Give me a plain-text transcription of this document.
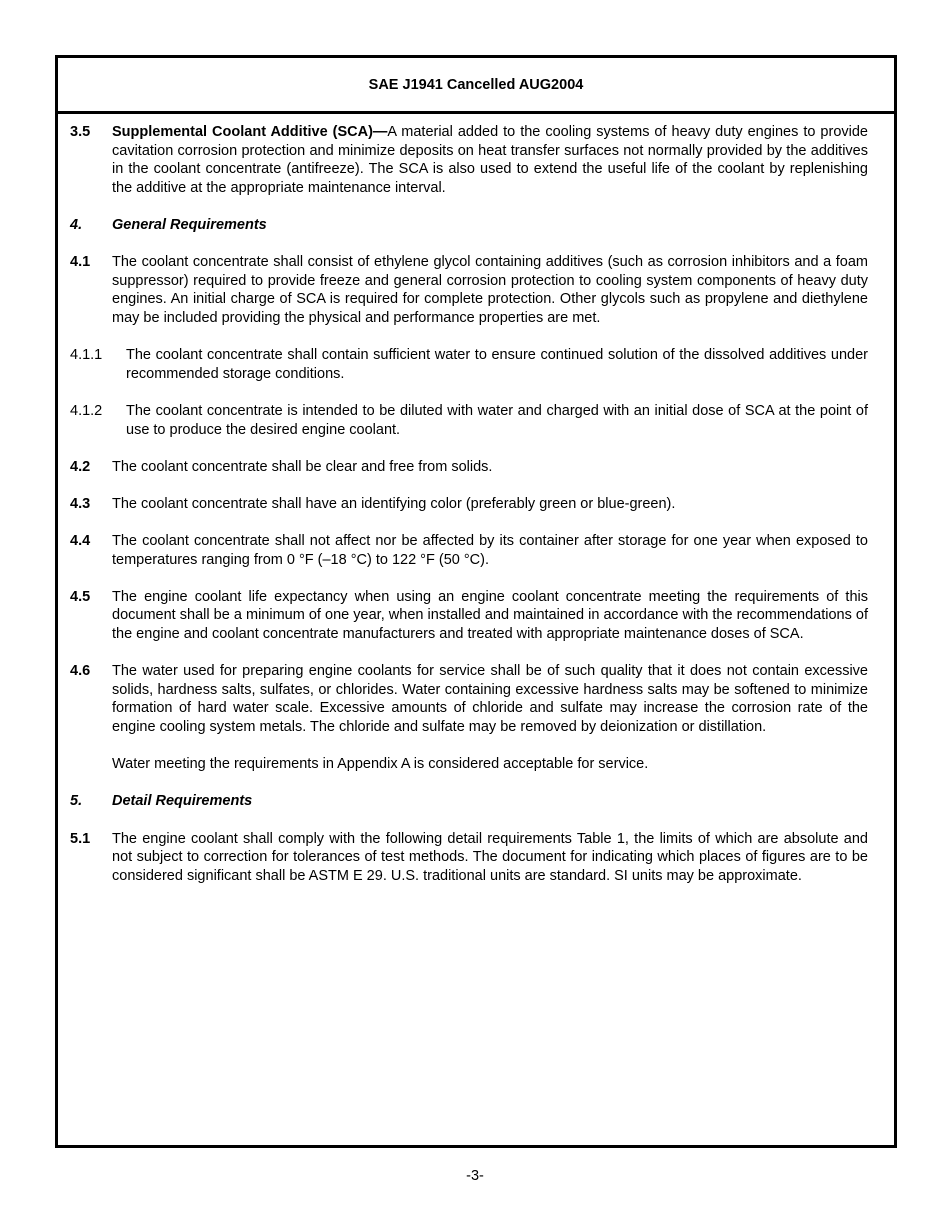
SAE J1941 Cancelled AUG2004
3.5	Supplemental Coolant Additive (SCA)—A material added to the cooling systems of heavy duty engines to provide cavitation corrosion protection and minimize deposits on heat transfer surfaces not normally provided by the additives in the coolant concentrate (antifreeze). The SCA is also used to extend the useful life of the coolant by replenishing the additive at the appropriate maintenance interval.
4.	General Requirements
4.1	The coolant concentrate shall consist of ethylene glycol containing additives (such as corrosion inhibitors and a foam suppressor) required to provide freeze and general corrosion protection to cooling system components of heavy duty engines. An initial charge of SCA is required for complete protection. Other glycols such as propylene and diethylene may be included providing the physical and performance properties are met.
4.1.1	The coolant concentrate shall contain sufficient water to ensure continued solution of the dissolved additives under recommended storage conditions.
4.1.2	The coolant concentrate is intended to be diluted with water and charged with an initial dose of SCA at the point of use to produce the desired engine coolant.
4.2	The coolant concentrate shall be clear and free from solids.
4.3	The coolant concentrate shall have an identifying color (preferably green or blue-green).
4.4	The coolant concentrate shall not affect nor be affected by its container after storage for one year when exposed to temperatures ranging from 0 °F (–18 °C) to 122 °F (50 °C).
4.5	The engine coolant life expectancy when using an engine coolant concentrate meeting the requirements of this document shall be a minimum of one year, when installed and maintained in accordance with the recommendations of the engine and coolant concentrate manufacturers and treated with appropriate maintenance doses of SCA.
4.6	The water used for preparing engine coolants for service shall be of such quality that it does not contain excessive solids, hardness salts, sulfates, or chlorides. Water containing excessive hardness salts may be softened to minimize formation of hard water scale. Excessive amounts of chloride and sulfate may increase the corrosion rate of the engine cooling system metals. The chloride and sulfate may be removed by deionization or distillation.
Water meeting the requirements in Appendix A is considered acceptable for service.
5.	Detail Requirements
5.1	The engine coolant shall comply with the following detail requirements Table 1, the limits of which are absolute and not subject to correction for tolerances of test methods. The document for indicating which places of figures are to be considered significant shall be ASTM E 29. U.S. traditional units are standard. SI units may be approximate.
-3-
